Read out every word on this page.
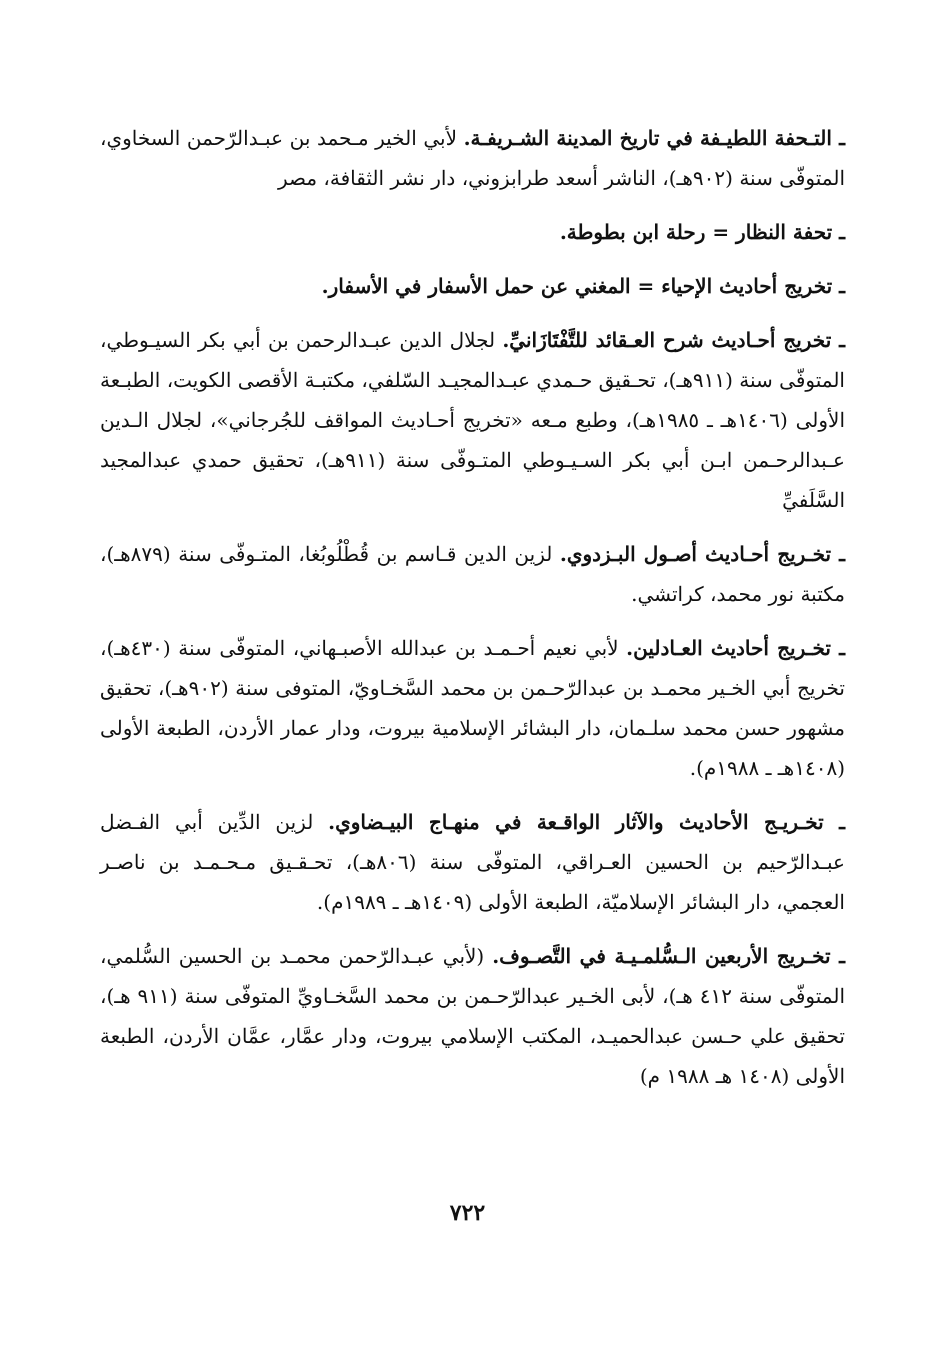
ـ التـحفة اللطيـفة في تاريخ المدينة الشـريفـة. لأبي الخير مـحمد بن عبـدالرّحمن السخاوي، المتوفّى سنة (٩٠٢هـ)، الناشر أسعد طرابزوني، دار نشر الثقافة، مصر

ـ تحفة النظار = رحلة ابن بطوطة.

ـ تخريج أحاديث الإحياء = المغني عن حمل الأسفار في الأسفار.

ـ تخريج أحـاديث شرح العـقائد للتَّفْتَازَانيِّ. لجلال الدين عبـدالرحمن بن أبي بكر السيـوطي، المتوفّى سنة (٩١١هـ)، تحـقيق حـمدي عبـدالمجيـد السّلفي، مكتبـة الأقصى الكويت، الطبـعة الأولى (١٤٠٦هـ ـ ١٩٨٥هـ)، وطبع مـعه «تخريج أحـاديث المواقف للجُرجاني»، لجلال الـدين عـبدالرحـمن ابـن أبي بكر السـيـوطي المتـوفّى سنة (٩١١هـ)، تحقيق حمدي عبدالمجيد السَّلَفيِّ

ـ تخـريج أحـاديث أصـول البـزدوي. لزين الدين قـاسم بن قُطْلُوبُغا، المتـوفّى سنة (٨٧٩هـ)، مكتبة نور محمد، كراتشي.

ـ تخـريج أحاديث العـادلين. لأبي نعيم أحـمـد بن عبدالله الأصبـهاني، المتوفّى سنة (٤٣٠هـ)، تخريج أبي الخـير محمـد بن عبدالرّحـمن بن محمد السَّخـاويّ، المتوفى سنة (٩٠٢هـ)، تحقيق مشهور حسن محمد سلـمان، دار البشائر الإسلامية بيروت، ودار عمار الأردن، الطبعة الأولى (١٤٠٨هـ ـ ١٩٨٨م).

ـ تخـريـج الأحاديث والآثار الواقـعة في منهـاج البيـضاوي. لزين الدِّين أبي الفـضل عبـدالرّحيم بن الحسين العـراقي، المتوفّى سنة (٨٠٦هـ)، تحـقـيق مـحـمـد بن ناصـر العجمي، دار البشائر الإسلاميّة، الطبعة الأولى (١٤٠٩هـ ـ ١٩٨٩م).

ـ تخـريج الأربعين الـسُّلمـيـة في التَّصـوف. (لأبي عبـدالرّحمن محمـد بن الحسين السُّلمي، المتوفّى سنة ٤١٢ هـ)، لأبى الخـير عبدالرّحـمن بن محمد السَّخـاويِّ المتوفّى سنة (٩١١ هـ)، تحقيق علي حـسن عبدالحميـد، المكتب الإسلامي بيروت، ودار عمَّار، عمَّان الأردن، الطبعة الأولى (١٤٠٨ هـ ١٩٨٨ م)

٧٢٢
